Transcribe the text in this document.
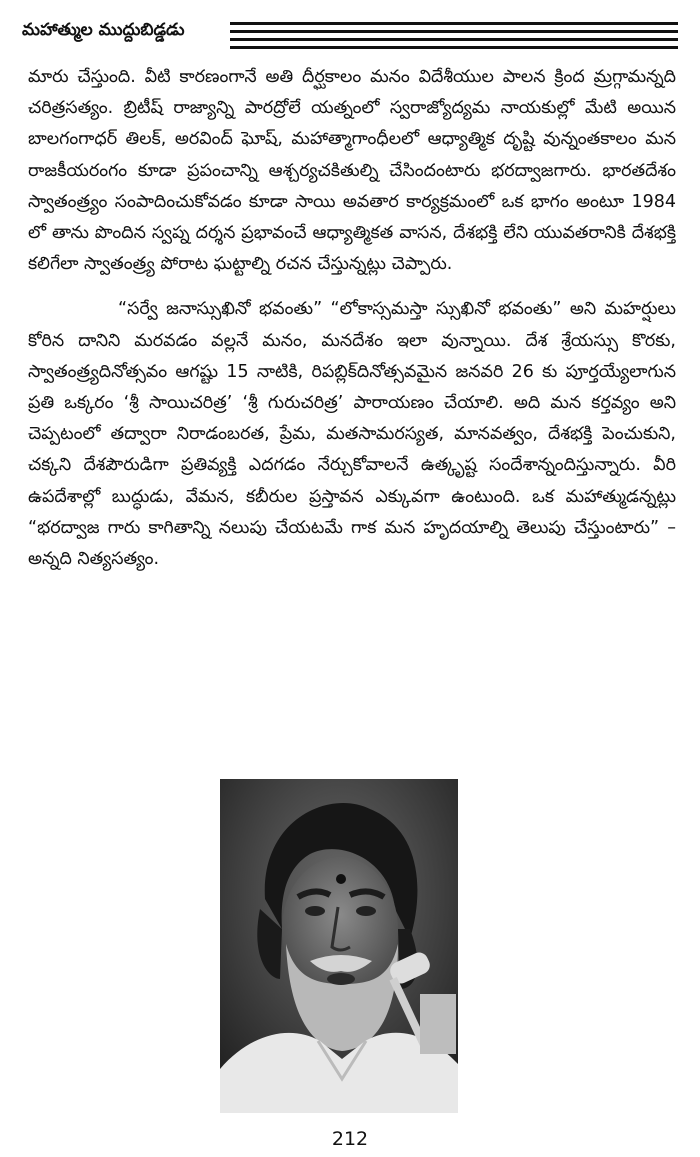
మహాత్ముల ముద్దుబిడ్డడు

మారు చేస్తుంది. వీటి కారణంగానే అతి దీర్ఘకాలం మనం విదేశీయుల పాలన క్రింద మ్రగ్గామన్నది చరిత్రసత్యం. బ్రిటీష్ రాజ్యాన్ని పారద్రోలే యత్నంలో స్వరాజ్యోద్యమ నాయకుల్లో మేటి అయిన బాలగంగాధర్ తిలక్, అరవింద్ ఘోష్, మహాత్మాగాంధీలలో ఆధ్యాత్మిక దృష్టి వున్నంతకాలం మన రాజకీయరంగం కూడా ప్రపంచాన్ని ఆశ్చర్యచకితుల్ని చేసిందంటారు భరద్వాజగారు. భారతదేశం స్వాతంత్ర్యం సంపాదించుకోవడం కూడా సాయి అవతార కార్యక్రమంలో ఒక భాగం అంటూ 1984 లో తాను పొందిన స్వప్న దర్శన ప్రభావంచే ఆధ్యాత్మికత వాసన, దేశభక్తి లేని యువతరానికి దేశభక్తి కలిగేలా స్వాతంత్ర్య పోరాట ఘట్టాల్ని రచన చేస్తున్నట్లు చెప్పారు.

“సర్వే జనాస్సుఖినో భవంతు” “లోకాస్సమస్తా స్సుఖినో భవంతు” అని మహర్షులు కోరిన దానిని మరవడం వల్లనే మనం, మనదేశం ఇలా వున్నాయి. దేశ శ్రేయస్సు కొరకు, స్వాతంత్ర్యదినోత్సవం ఆగష్టు 15 నాటికి, రిపబ్లిక్‌దినోత్సవమైన జనవరి 26 కు పూర్తయ్యేలాగున ప్రతి ఒక్కరం ‘శ్రీ సాయిచరిత్ర’ ‘శ్రీ గురుచరిత్ర’ పారాయణం చేయాలి. అది మన కర్తవ్యం అని చెప్పటంలో తద్వారా నిరాడంబరత, ప్రేమ, మతసామరస్యత, మానవత్వం, దేశభక్తి పెంచుకుని, చక్కని దేశపౌరుడిగా ప్రతివ్యక్తి ఎదగడం నేర్చుకోవాలనే ఉత్కృష్ట సందేశాన్నందిస్తున్నారు. వీరి ఉపదేశాల్లో బుద్ధుడు, వేమన, కబీరుల ప్రస్తావన ఎక్కువగా ఉంటుంది. ఒక మహాత్ముడన్నట్లు “భరద్వాజ గారు కాగితాన్ని నలుపు చేయటమే గాక మన హృదయాల్ని తెలుపు చేస్తుంటారు” – అన్నది నిత్యసత్యం.

212
